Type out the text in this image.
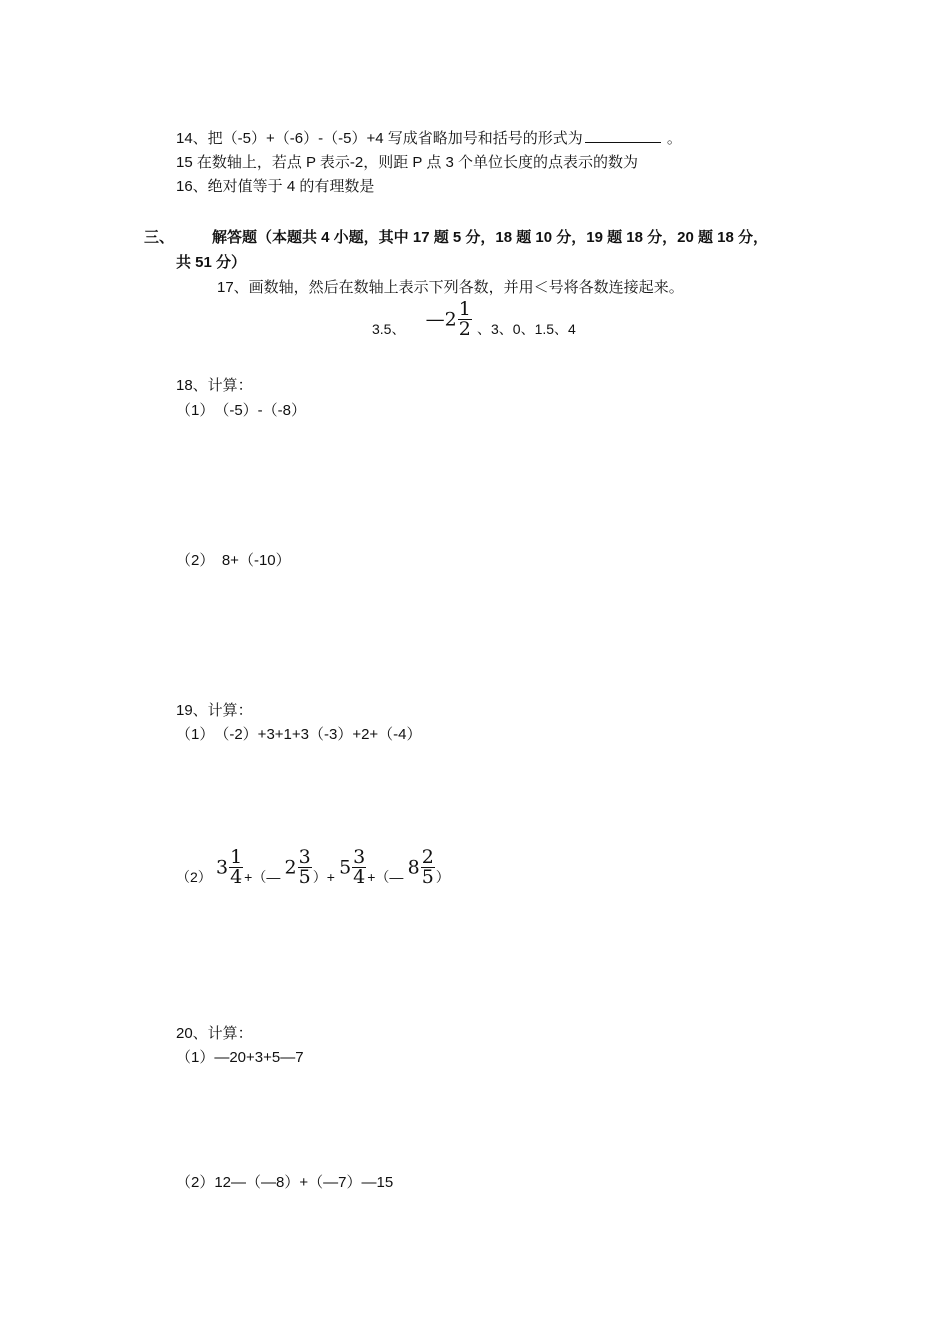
14、把（-5）+（-6）-（-5）+4 写成省略加号和括号的形式为	。
15 在数轴上，若点 P 表示-2，则距 P 点 3 个单位长度的点表示的数为
16、绝对值等于 4 的有理数是
三、	解答题（本题共 4 小题，其中 17 题 5 分，18 题 10 分，19 题 18 分，20 题 18 分，
共 51 分）
17、画数轴，然后在数轴上表示下列各数，并用＜号将各数连接起来。
3.5、 —2 $\frac{1}{2}$ 、3、0、1.5、4
18、计算：
（1）　（-5）-（-8）
（2）　8+（-10）
19、计算：
（1）　（-2）+3+1+3（-3）+2+（-4）
（2） $3 \frac{1}{4}$ +（— $2 \frac{3}{5}$ ）+ $5 \frac{3}{4}$ +（— $8 \frac{2}{5}$ ）
20、计算：
（1）—20+3+5—7
（2）12—（—8）+（—7）—15
